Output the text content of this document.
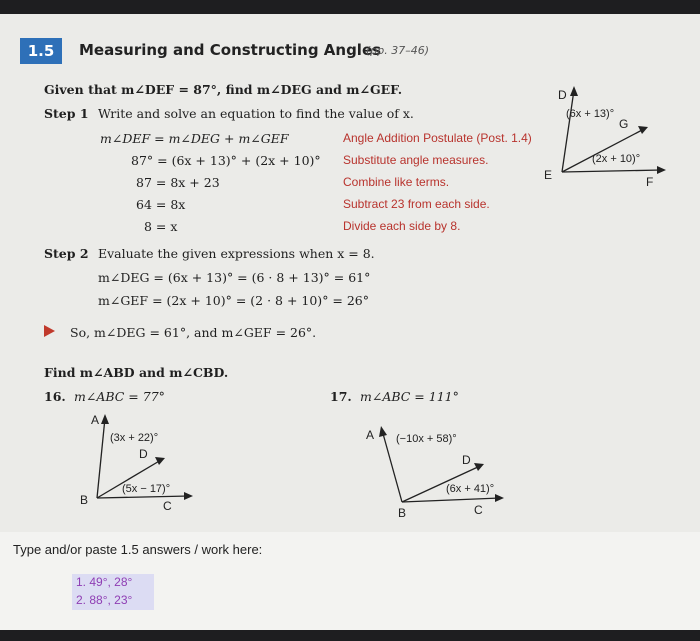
1.5	Measuring and Constructing Angles
(pp. 37–46)
Given that m∠DEF = 87°, find m∠DEG and m∠GEF.
Step 1 Write and solve an equation to find the value of x.
m∠DEF = m∠DEG + m∠GEF	Angle Addition Postulate (Post. 1.4)
87° = (6x + 13)° + (2x + 10)° Substitute angle measures.
87 = 8x + 23	Combine like terms.
64 = 8x	Subtract 23 from each side.
8 = x	Divide each side by 8.
Step 2 Evaluate the given expressions when x = 8.
m∠DEG = (6x + 13)° = (6 · 8 + 13)° = 61°
m∠GEF = (2x + 10)° = (2 · 8 + 10)° = 26°
So, m∠DEG = 61°, and m∠GEF = 26°.
D
G
E	F
(6x + 13)°
(2x + 10)°
Find m∠ABD and m∠CBD.
16. m∠ABC = 77°	17. m∠ABC = 111°
A
D
B	C
(3x + 22)°
(5x − 17)°
A
D
B	C
(−10x + 58)°
(6x + 41)°
Type and/or paste 1.5 answers / work here:
1. 49°, 28°
2. 88°, 23°
